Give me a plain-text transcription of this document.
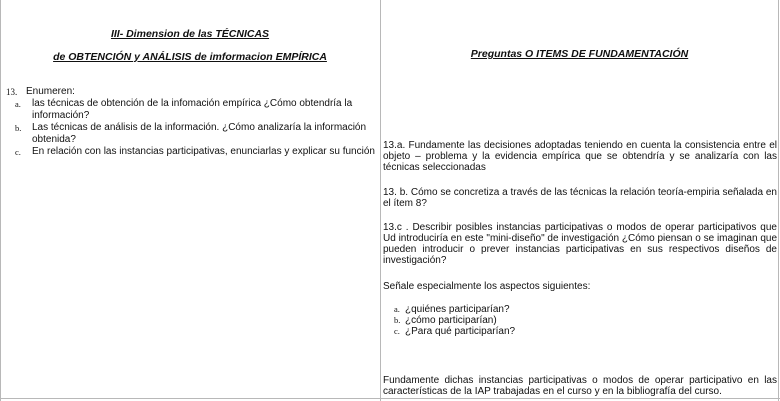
III- Dimension de las TÉCNICAS
de OBTENCIÓN y ANÁLISIS de imformacion EMPÍRICA
13. Enumeren:
a. las técnicas de obtención de la infomación empírica ¿Cómo obtendría la información?
b. Las técnicas de análisis de la información. ¿Cómo analizaría la información obtenida?
c. En relación con las instancias participativas, enunciarlas y explicar su función
Preguntas O ITEMS DE FUNDAMENTACIÓN
13.a. Fundamente las decisiones adoptadas teniendo en cuenta la consistencia entre el objeto – problema y la evidencia empírica que se obtendría y se analizaría con las técnicas seleccionadas
13. b. Cómo se concretiza a través de las técnicas la relación teoría-empiria señalada en el ítem 8?
13.c . Describir posibles instancias participativas o modos de operar participativos que Ud introduciría en este "mini-diseño" de investigación ¿Cómo piensan o se imaginan que pueden introducir o prever instancias participativas en sus respectivos diseños de investigación?
Señale especialmente los aspectos siguientes:
a. ¿quiénes participarían?
b. ¿cómo participarían)
c. ¿Para qué participarían?
Fundamente dichas instancias participativas o modos de operar participativo en las características de la IAP trabajadas en el curso y en la bibliografía del curso.
